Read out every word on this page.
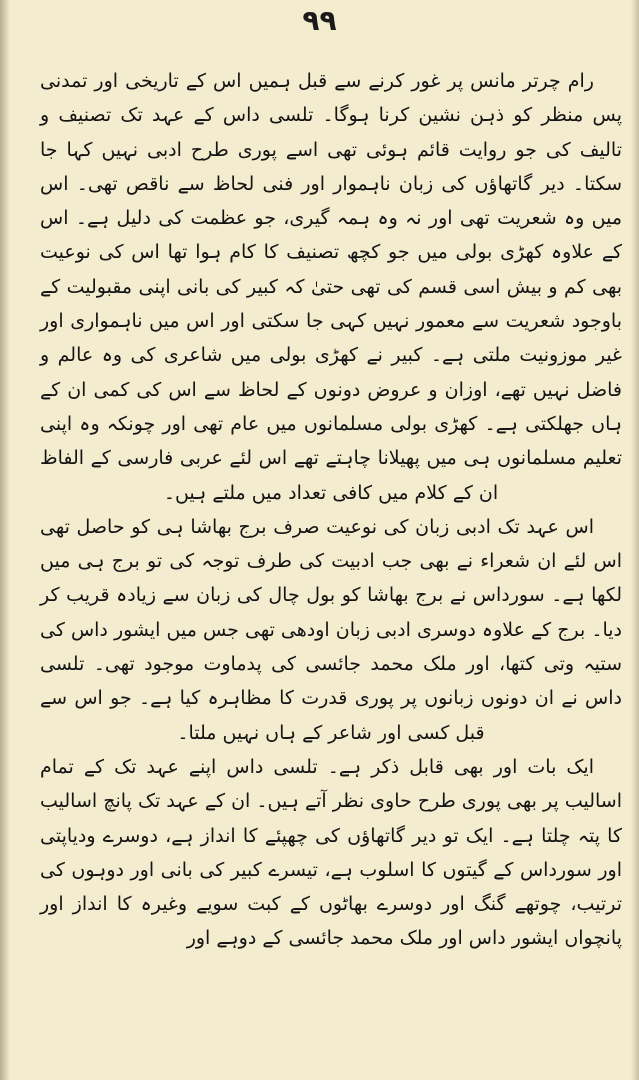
۹۹

رام چرتر مانس پر غور کرنے سے قبل ہمیں اس کے تاریخی اور تمدنی پس منظر کو ذہن نشین کرنا ہوگا۔ تلسی داس کے عہد تک تصنیف و تالیف کی جو روایت قائم ہوئی تھی اسے پوری طرح ادبی نہیں کہا جا سکتا۔ دیر گاتھاؤں کی زبان ناہموار اور فنی لحاظ سے ناقص تھی۔ اس میں وہ شعریت تھی اور نہ وہ ہمہ گیری، جو عظمت کی دلیل ہے۔ اس کے علاوہ کھڑی بولی میں جو کچھ تصنیف کا کام ہوا تھا اس کی نوعیت بھی کم و بیش اسی قسم کی تھی حتیٰ کہ کبیر کی بانی اپنی مقبولیت کے باوجود شعریت سے معمور نہیں کہی جا سکتی اور اس میں ناہمواری اور غیر موزونیت ملتی ہے۔ کبیر نے کھڑی بولی میں شاعری کی وہ عالم و فاضل نہیں تھے، اوزان و عروض دونوں کے لحاظ سے اس کی کمی ان کے ہاں جھلکتی ہے۔ کھڑی بولی مسلمانوں میں عام تھی اور چونکہ وہ اپنی تعلیم مسلمانوں ہی میں پھیلانا چاہتے تھے اس لئے عربی فارسی کے الفاظ ان کے کلام میں کافی تعداد میں ملتے ہیں۔

اس عہد تک ادبی زبان کی نوعیت صرف برج بھاشا ہی کو حاصل تھی اس لئے ان شعراء نے بھی جب ادبیت کی طرف توجہ کی تو برج ہی میں لکھا ہے۔ سورداس نے برج بھاشا کو بول چال کی زبان سے زیادہ قریب کر دیا۔ برج کے علاوہ دوسری ادبی زبان اودھی تھی جس میں ایشور داس کی ستیہ وتی کتھا، اور ملک محمد جائسی کی پدماوت موجود تھی۔ تلسی داس نے ان دونوں زبانوں پر پوری قدرت کا مظاہرہ کیا ہے۔ جو اس سے قبل کسی اور شاعر کے ہاں نہیں ملتا۔

ایک بات اور بھی قابل ذکر ہے۔ تلسی داس اپنے عہد تک کے تمام اسالیب پر بھی پوری طرح حاوی نظر آتے ہیں۔ ان کے عہد تک پانچ اسالیب کا پتہ چلتا ہے۔ ایک تو دیر گاتھاؤں کی چھپئے کا انداز ہے، دوسرے ودیاپتی اور سورداس کے گیتوں کا اسلوب ہے، تیسرے کبیر کی بانی اور دوہوں کی ترتیب، چوتھے گنگ اور دوسرے بھاٹوں کے کبت سویے وغیرہ کا انداز اور پانچواں ایشور داس اور ملک محمد جائسی کے دوہے اور
